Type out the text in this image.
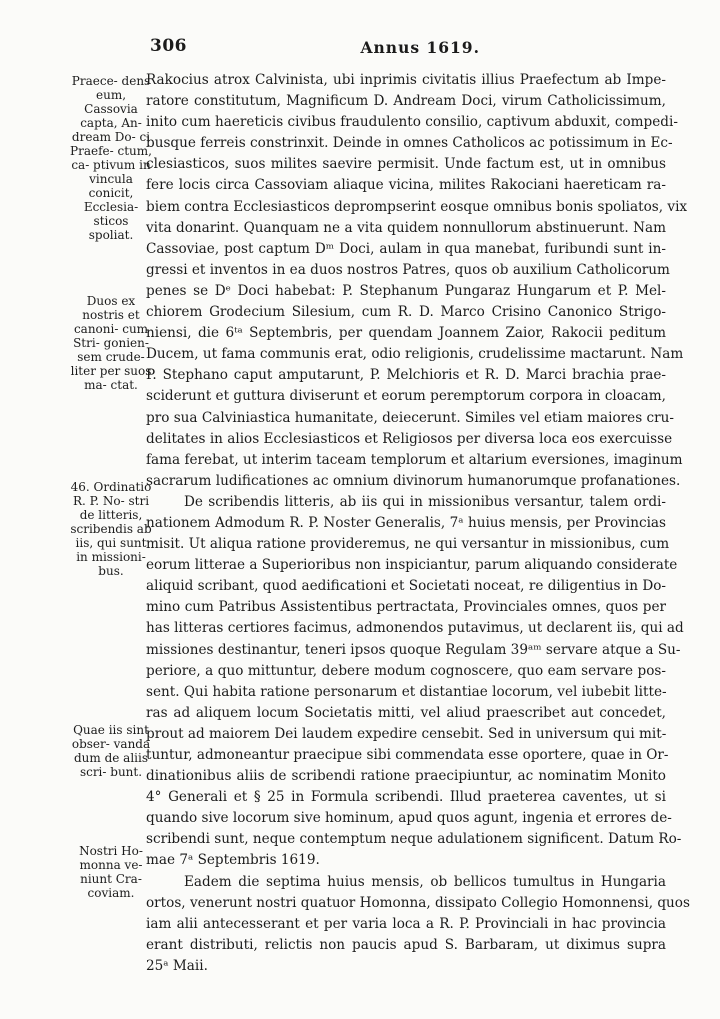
306	Annus 1619.
Praece- dens eum, Cassovia capta, An- dream Do- ci Praefe- ctum, ca- ptivum in vincula conicit, Ecclesia- sticos spoliat.
Duos ex nostris et canoni- cum Stri- gonien- sem crude- liter per suos ma- ctat.
46. Ordinatio R. P. No- stri de litteris, scribendis ab iis, qui sunt in missioni- bus.
Quae iis sint obser- vanda dum de aliis scri- bunt.
Nostri Ho- monna ve- niunt Cra- coviam.
Rakocius atrox Calvinista, ubi inprimis civitatis illius Praefectum ab Impe-
ratore constitutum, Magnificum D. Andream Doci, virum Catholicissimum,
inito cum haereticis civibus fraudulento consilio, captivum abduxit, compedi-
busque ferreis constrinxit. Deinde in omnes Catholicos ac potissimum in Ec-
clesiasticos, suos milites saevire permisit. Unde factum est, ut in omnibus
fere locis circa Cassoviam aliaque vicina, milites Rakociani haereticam ra-
biem contra Ecclesiasticos deprompserint eosque omnibus bonis spoliatos, vix
vita donarint. Quanquam ne a vita quidem nonnullorum abstinuerunt. Nam
Cassoviae, post captum Dᵐ Doci, aulam in qua manebat, furibundi sunt in-
gressi et inventos in ea duos nostros Patres, quos ob auxilium Catholicorum
penes se Dᵉ Doci habebat: P. Stephanum Pungaraz Hungarum et P. Mel-
chiorem Grodecium Silesium, cum R. D. Marco Crisino Canonico Strigo-
niensi, die 6ᵗᵃ Septembris, per quendam Joannem Zaior, Rakocii peditum
Ducem, ut fama communis erat, odio religionis, crudelissime mactarunt. Nam
P. Stephano caput amputarunt, P. Melchioris et R. D. Marci brachia prae-
sciderunt et guttura diviserunt et eorum peremptorum corpora in cloacam,
pro sua Calviniastica humanitate, deiecerunt. Similes vel etiam maiores cru-
delitates in alios Ecclesiasticos et Religiosos per diversa loca eos exercuisse
fama ferebat, ut interim taceam templorum et altarium eversiones, imaginum
sacrarum ludificationes ac omnium divinorum humanorumque profanationes.
De scribendis litteris, ab iis qui in missionibus versantur, talem ordi-
nationem Admodum R. P. Noster Generalis, 7ᵃ huius mensis, per Provincias
misit. Ut aliqua ratione provideremus, ne qui versantur in missionibus, cum
eorum litterae a Superioribus non inspiciantur, parum aliquando considerate
aliquid scribant, quod aedificationi et Societati noceat, re diligentius in Do-
mino cum Patribus Assistentibus pertractata, Provinciales omnes, quos per
has litteras certiores facimus, admonendos putavimus, ut declarent iis, qui ad
missiones destinantur, teneri ipsos quoque Regulam 39ᵃᵐ servare atque a Su-
periore, a quo mittuntur, debere modum cognoscere, quo eam servare pos-
sent. Qui habita ratione personarum et distantiae locorum, vel iubebit litte-
ras ad aliquem locum Societatis mitti, vel aliud praescribet aut concedet,
prout ad maiorem Dei laudem expedire censebit. Sed in universum qui mit-
tuntur, admoneantur praecipue sibi commendata esse oportere, quae in Or-
dinationibus aliis de scribendi ratione praecipiuntur, ac nominatim Monito
4° Generali et § 25 in Formula scribendi. Illud praeterea caventes, ut si
quando sive locorum sive hominum, apud quos agunt, ingenia et errores de-
scribendi sunt, neque contemptum neque adulationem significent. Datum Ro-
mae 7ᵃ Septembris 1619.
Eadem die septima huius mensis, ob bellicos tumultus in Hungaria
ortos, venerunt nostri quatuor Homonna, dissipato Collegio Homonnensi, quos
iam alii antecesserant et per varia loca a R. P. Provinciali in hac provincia
erant distributi, relictis non paucis apud S. Barbaram, ut diximus supra
25ᵃ Maii.
